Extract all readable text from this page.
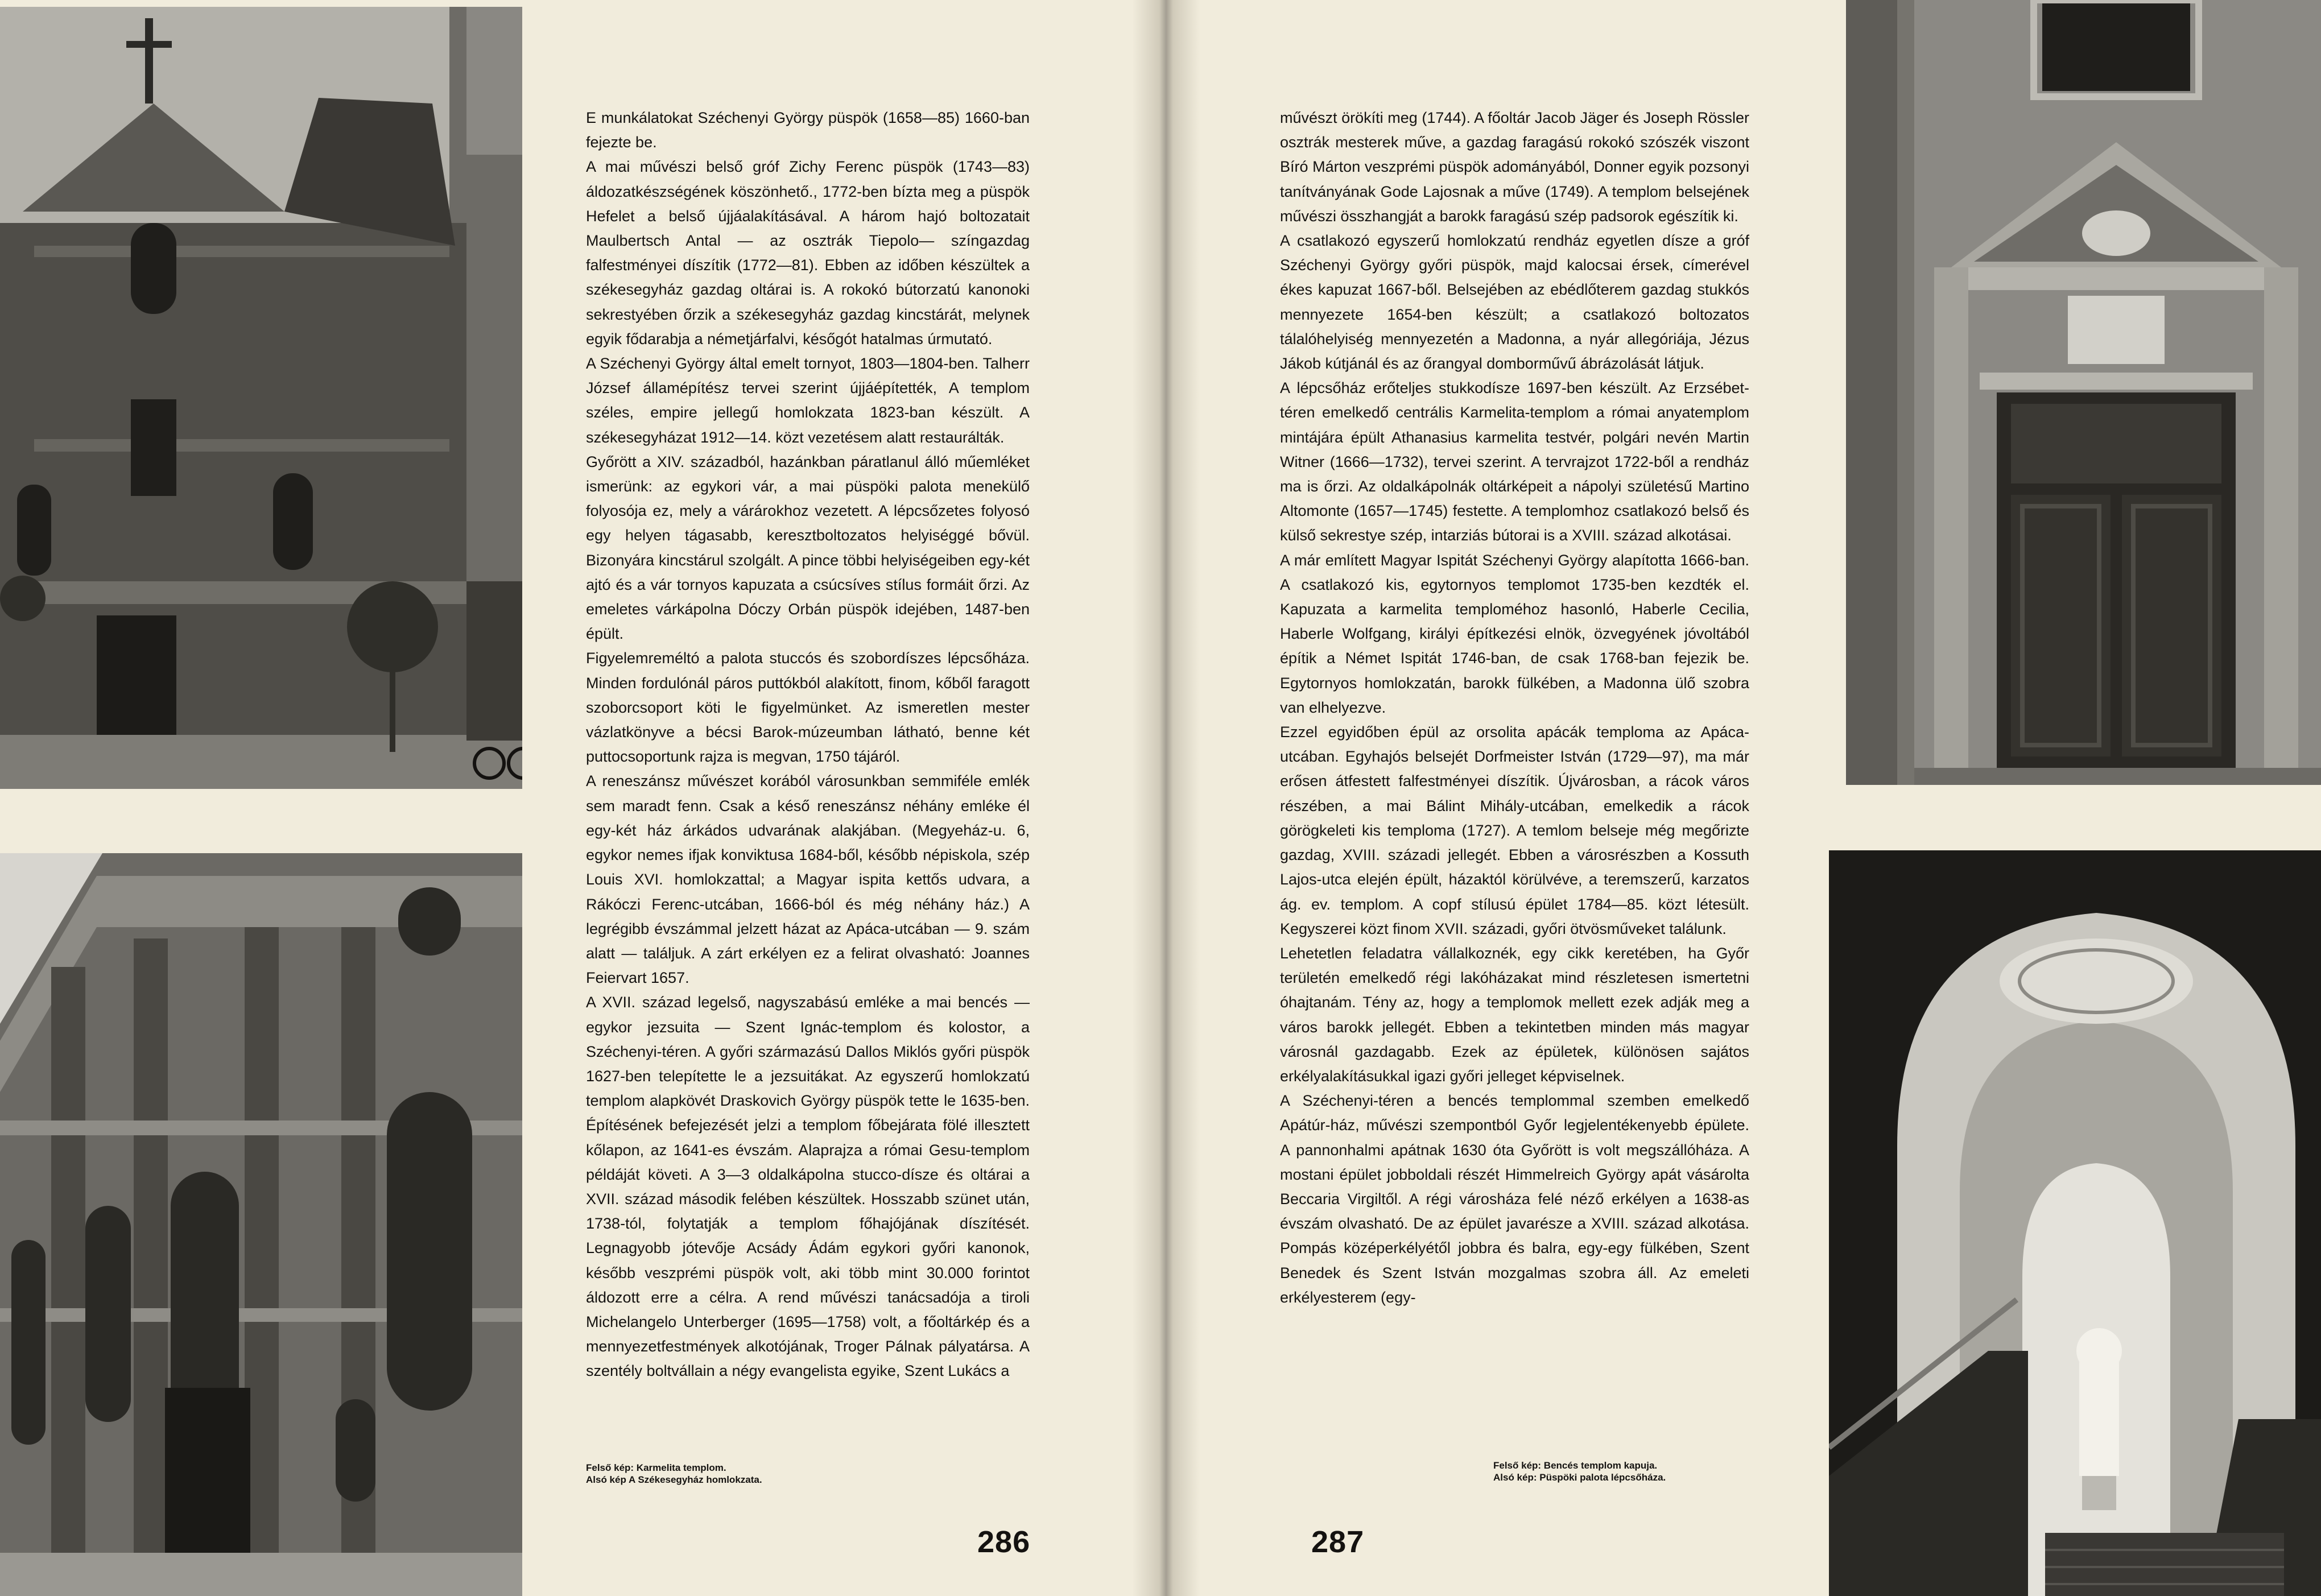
E munkálatokat Széchenyi György püspök (1658—85) 1660-ban fejezte be.

A mai művészi belső gróf Zichy Ferenc püspök (1743—83) áldozatkészségének köszönhető., 1772-ben bízta meg a püspök Hefelet a belső újjáalakításával. A három hajó boltozatait Maulbertsch Antal — az osztrák Tiepolo— színgazdag falfestményei díszítik (1772—81). Ebben az időben készültek a székesegyház gazdag oltárai is. A rokokó bútorzatú kanonoki sekrestyében őrzik a székesegyház gazdag kincstárát, melynek egyik fődarabja a németjárfalvi, későgót hatalmas úrmutató.

A Széchenyi György által emelt tornyot, 1803—1804-ben. Talherr József államépítész tervei szerint újjáépítették, A templom széles, empire jellegű homlokzata 1823-ban készült. A székesegyházat 1912—14. közt vezetésem alatt restaurálták.

Győrött a XIV. századból, hazánkban páratlanul álló műemléket ismerünk: az egykori vár, a mai püspöki palota menekülő folyosója ez, mely a várárokhoz vezetett. A lépcsőzetes folyosó egy helyen tágasabb, keresztboltozatos helyiséggé bővül. Bizonyára kincstárul szolgált. A pince többi helyiségeiben egy-két ajtó és a vár tornyos kapuzata a csúcsíves stílus formáit őrzi. Az emeletes várkápolna Dóczy Orbán püspök idejében, 1487-ben épült.

Figyelemreméltó a palota stuccós és szobordíszes lépcsőháza. Minden fordulónál páros puttókból alakított, finom, kőből faragott szoborcsoport köti le figyelmünket. Az ismeretlen mester vázlatkönyve a bécsi Barok-múzeumban látható, benne két puttocsoportunk rajza is megvan, 1750 tájáról.

A reneszánsz művészet korából városunkban semmiféle emlék sem maradt fenn. Csak a késő reneszánsz néhány emléke él egy-két ház árkádos udvarának alakjában. (Megyeház-u. 6, egykor nemes ifjak konviktusa 1684-ből, később népiskola, szép Louis XVI. homlokzattal; a Magyar ispita kettős udvara, a Rákóczi Ferenc-utcában, 1666-ból és még néhány ház.) A legrégibb évszámmal jelzett házat az Apáca-utcában — 9. szám alatt — találjuk. A zárt erkélyen ez a felirat olvasható: Joannes Feiervart 1657.

A XVII. század legelső, nagyszabású emléke a mai bencés — egykor jezsuita — Szent Ignác-templom és kolostor, a Széchenyi-téren. A győri származású Dallos Miklós győri püspök 1627-ben telepítette le a jezsuitákat. Az egyszerű homlokzatú templom alapkövét Draskovich György püspök tette le 1635-ben. Építésének befejezését jelzi a templom főbejárata fölé illesztett kőlapon, az 1641-es évszám. Alaprajza a római Gesu-templom példáját követi. A 3—3 oldalkápolna stucco-dísze és oltárai a XVII. század második felében készültek. Hosszabb szünet után, 1738-tól, folytatják a templom főhajójának díszítését. Legnagyobb jótevője Acsády Ádám egykori győri kanonok, később veszprémi püspök volt, aki több mint 30.000 forintot áldozott erre a célra. A rend művészi tanácsadója a tiroli Michelangelo Unterberger (1695—1758) volt, a főoltárkép és a mennyezetfestmények alkotójának, Troger Pálnak pályatársa. A szentély boltvállain a négy evangelista egyike, Szent Lukács a

Felső kép: Karmelita templom.
Alsó kép A Székesegyház homlokzata.
286

művészt örökíti meg (1744). A főoltár Jacob Jäger és Joseph Rössler osztrák mesterek műve, a gazdag faragású rokokó szószék viszont Bíró Márton veszprémi püspök adományából, Donner egyik pozsonyi tanítványának Gode Lajosnak a műve (1749). A templom belsejének művészi összhangját a barokk faragású szép padsorok egészítik ki.

A csatlakozó egyszerű homlokzatú rendház egyetlen dísze a gróf Széchenyi György győri püspök, majd kalocsai érsek, címerével ékes kapuzat 1667-ből. Belsejében az ebédlőterem gazdag stukkós mennyezete 1654-ben készült; a csatlakozó boltozatos tálalóhelyiség mennyezetén a Madonna, a nyár allegóriája, Jézus Jákob kútjánál és az őrangyal domborművű ábrázolását látjuk.

A lépcsőház erőteljes stukkodísze 1697-ben készült. Az Erzsébet-téren emelkedő centrális Karmelita-templom a római anyatemplom mintájára épült Athanasius karmelita testvér, polgári nevén Martin Witner (1666—1732), tervei szerint. A tervrajzot 1722-ből a rendház ma is őrzi. Az oldalkápolnák oltárképeit a nápolyi születésű Martino Altomonte (1657—1745) festette. A templomhoz csatlakozó belső és külső sekrestye szép, intarziás bútorai is a XVIII. század alkotásai.

A már említett Magyar Ispitát Széchenyi György alapította 1666-ban. A csatlakozó kis, egytornyos templomot 1735-ben kezdték el. Kapuzata a karmelita temploméhoz hasonló, Haberle Cecilia, Haberle Wolfgang, királyi építkezési elnök, özvegyének jóvoltából építik a Német Ispitát 1746-ban, de csak 1768-ban fejezik be. Egytornyos homlokzatán, barokk fülkében, a Madonna ülő szobra van elhelyezve.

Ezzel egyidőben épül az orsolita apácák temploma az Apáca-utcában. Egyhajós belsejét Dorfmeister István (1729—97), ma már erősen átfestett falfestményei díszítik. Újvárosban, a rácok város részében, a mai Bálint Mihály-utcában, emelkedik a rácok görögkeleti kis temploma (1727). A temlom belseje még megőrizte gazdag, XVIII. századi jellegét. Ebben a városrészben a Kossuth Lajos-utca elején épült, házaktól körülvéve, a teremszerű, karzatos ág. ev. templom. A copf stílusú épület 1784—85. közt létesült. Kegyszerei közt finom XVII. századi, győri ötvösműveket találunk.

Lehetetlen feladatra vállalkoznék, egy cikk keretében, ha Győr területén emelkedő régi lakóházakat mind részletesen ismertetni óhajtanám. Tény az, hogy a templomok mellett ezek adják meg a város barokk jellegét. Ebben a tekintetben minden más magyar városnál gazdagabb. Ezek az épületek, különösen sajátos erkélyalakításukkal igazi győri jelleget képviselnek.

A Széchenyi-téren a bencés templommal szemben emelkedő Apátúr-ház, művészi szempontból Győr legjelentékenyebb épülete. A pannonhalmi apátnak 1630 óta Győrött is volt megszállóháza. A mostani épület jobboldali részét Himmelreich György apát vásárolta Beccaria Virgiltől. A régi városháza felé néző erkélyen a 1638-as évszám olvasható. De az épület javarésze a XVIII. század alkotása. Pompás középerkélyétől jobbra és balra, egy-egy fülkében, Szent Benedek és Szent István mozgalmas szobra áll. Az emeleti erkélyesterem (egy-

Felső kép: Bencés templom kapuja.
Alsó kép: Püspöki palota lépcsőháza.
287
